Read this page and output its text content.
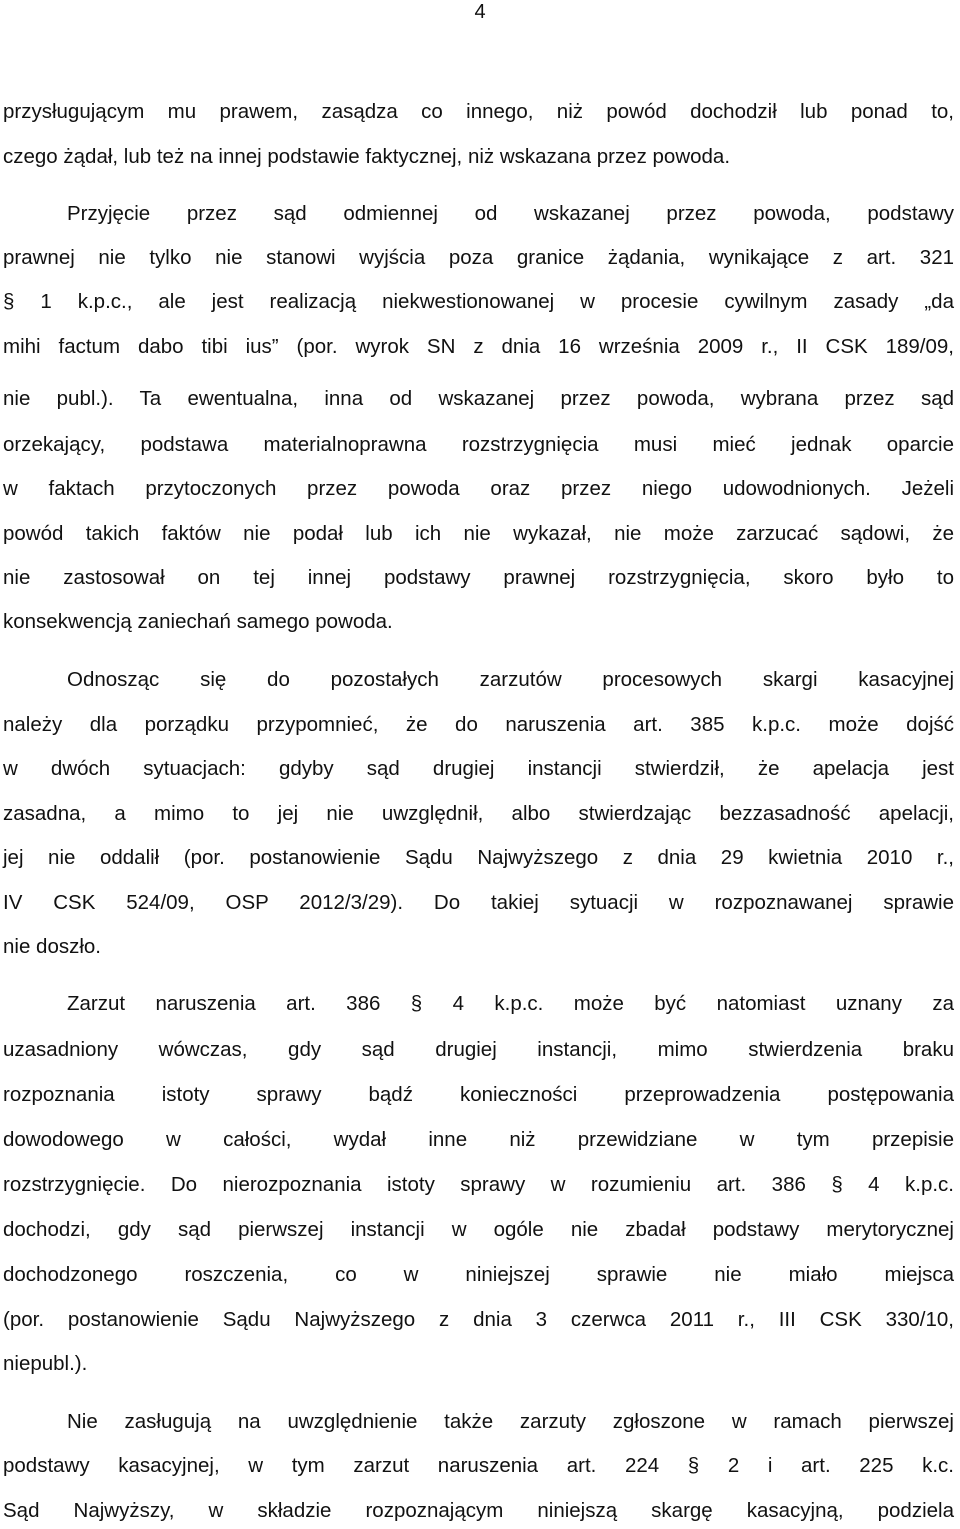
4
przysługującym mu prawem, zasądza co innego, niż powód dochodził lub ponad to,
czego żądał, lub też na innej podstawie faktycznej, niż wskazana przez powoda.
Przyjęcie przez sąd odmiennej od wskazanej przez powoda, podstawy
prawnej nie tylko nie stanowi wyjścia poza granice żądania, wynikające z art. 321
§ 1 k.p.c., ale jest realizacją niekwestionowanej w procesie cywilnym zasady „da
mihi factum dabo tibi ius” (por. wyrok SN z dnia 16 września 2009 r., II CSK 189/09,
nie publ.). Ta ewentualna, inna od wskazanej przez powoda, wybrana przez sąd
orzekający, podstawa materialnoprawna rozstrzygnięcia musi mieć jednak oparcie
w faktach przytoczonych przez powoda oraz przez niego udowodnionych. Jeżeli
powód takich faktów nie podał lub ich nie wykazał, nie może zarzucać sądowi, że
nie zastosował on tej innej podstawy prawnej rozstrzygnięcia, skoro było to
konsekwencją zaniechań samego powoda.
Odnosząc się do pozostałych zarzutów procesowych skargi kasacyjnej
należy dla porządku przypomnieć, że do naruszenia art. 385 k.p.c. może dojść
w dwóch sytuacjach: gdyby sąd drugiej instancji stwierdził, że apelacja jest
zasadna, a mimo to jej nie uwzględnił, albo stwierdzając bezzasadność apelacji,
jej nie oddalił (por. postanowienie Sądu Najwyższego z dnia 29 kwietnia 2010 r.,
IV CSK 524/09, OSP 2012/3/29). Do takiej sytuacji w rozpoznawanej sprawie
nie doszło.
Zarzut naruszenia art. 386 § 4 k.p.c. może być natomiast uznany za
uzasadniony wówczas, gdy sąd drugiej instancji, mimo stwierdzenia braku
rozpoznania istoty sprawy bądź konieczności przeprowadzenia postępowania
dowodowego w całości, wydał inne niż przewidziane w tym przepisie
rozstrzygnięcie. Do nierozpoznania istoty sprawy w rozumieniu art. 386 § 4 k.p.c.
dochodzi, gdy sąd pierwszej instancji w ogóle nie zbadał podstawy merytorycznej
dochodzonego roszczenia, co w niniejszej sprawie nie miało miejsca
(por. postanowienie Sądu Najwyższego z dnia 3 czerwca 2011 r., III CSK 330/10,
niepubl.).
Nie zasługują na uwzględnienie także zarzuty zgłoszone w ramach pierwszej
podstawy kasacyjnej, w tym zarzut naruszenia art. 224 § 2 i art. 225 k.c.
Sąd Najwyższy, w składzie rozpoznającym niniejszą skargę kasacyjną, podziela
